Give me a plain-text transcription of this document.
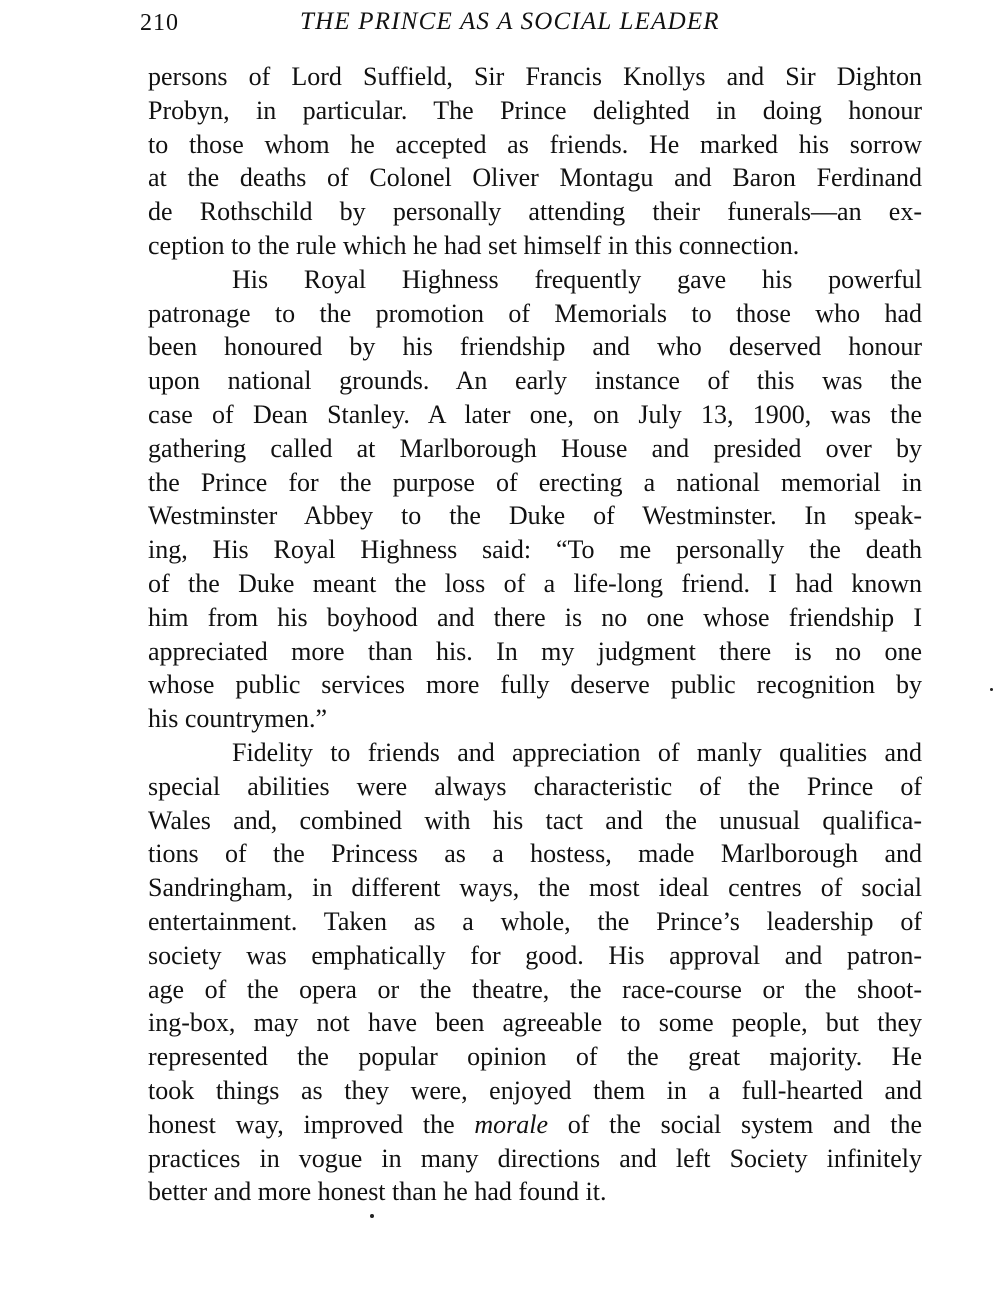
210	THE PRINCE AS A SOCIAL LEADER
persons of Lord Suffield, Sir Francis Knollys and Sir Dighton
Probyn, in particular. The Prince delighted in doing honour
to those whom he accepted as friends. He marked his sorrow
at the deaths of Colonel Oliver Montagu and Baron Ferdinand
de Rothschild by personally attending their funerals—an ex-
ception to the rule which he had set himself in this connection.
His Royal Highness frequently gave his powerful
patronage to the promotion of Memorials to those who had
been honoured by his friendship and who deserved honour
upon national grounds. An early instance of this was the
case of Dean Stanley. A later one, on July 13, 1900, was the
gathering called at Marlborough House and presided over by
the Prince for the purpose of erecting a national memorial in
Westminster Abbey to the Duke of Westminster. In speak-
ing, His Royal Highness said: “To me personally the death
of the Duke meant the loss of a life-long friend. I had known
him from his boyhood and there is no one whose friendship I
appreciated more than his. In my judgment there is no one
whose public services more fully deserve public recognition by
his countrymen.”
Fidelity to friends and appreciation of manly qualities and
special abilities were always characteristic of the Prince of
Wales and, combined with his tact and the unusual qualifica-
tions of the Princess as a hostess, made Marlborough and
Sandringham, in different ways, the most ideal centres of social
entertainment. Taken as a whole, the Prince’s leadership of
society was emphatically for good. His approval and patron-
age of the opera or the theatre, the race-course or the shoot-
ing-box, may not have been agreeable to some people, but they
represented the popular opinion of the great majority. He
took things as they were, enjoyed them in a full-hearted and
honest way, improved the morale of the social system and the
practices in vogue in many directions and left Society infinitely
better and more honest than he had found it.
